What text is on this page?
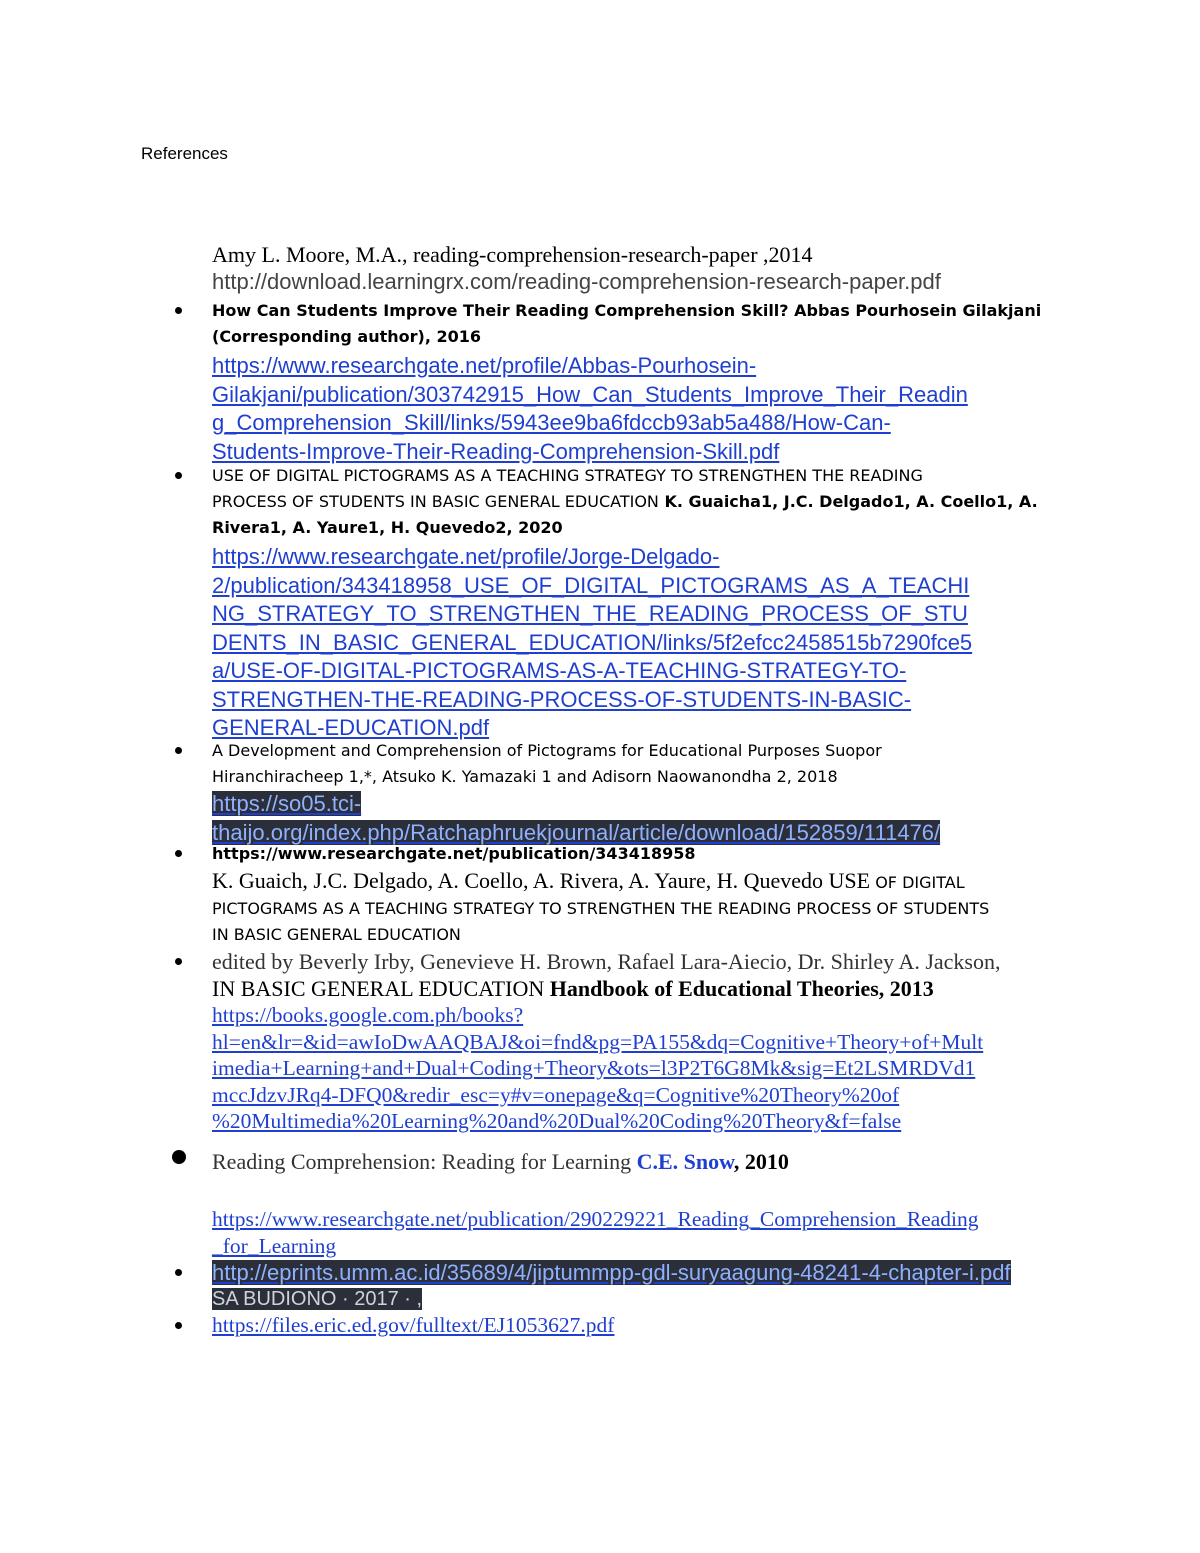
References
Amy L. Moore, M.A., reading-comprehension-research-paper ,2014
http://download.learningrx.com/reading-comprehension-research-paper.pdf
How Can Students Improve Their Reading Comprehension Skill? Abbas Pourhosein Gilakjani
(Corresponding author), 2016
https://www.researchgate.net/profile/Abbas-Pourhosein-
Gilakjani/publication/303742915_How_Can_Students_Improve_Their_Readin
g_Comprehension_Skill/links/5943ee9ba6fdccb93ab5a488/How-Can-
Students-Improve-Their-Reading-Comprehension-Skill.pdf
USE OF DIGITAL PICTOGRAMS AS A TEACHING STRATEGY TO STRENGTHEN THE READING
PROCESS OF STUDENTS IN BASIC GENERAL EDUCATION K. Guaicha1, J.C. Delgado1, A. Coello1, A.
Rivera1, A. Yaure1, H. Quevedo2, 2020
https://www.researchgate.net/profile/Jorge-Delgado-
2/publication/343418958_USE_OF_DIGITAL_PICTOGRAMS_AS_A_TEACHI
NG_STRATEGY_TO_STRENGTHEN_THE_READING_PROCESS_OF_STU
DENTS_IN_BASIC_GENERAL_EDUCATION/links/5f2efcc2458515b7290fce5
a/USE-OF-DIGITAL-PICTOGRAMS-AS-A-TEACHING-STRATEGY-TO-
STRENGTHEN-THE-READING-PROCESS-OF-STUDENTS-IN-BASIC-
GENERAL-EDUCATION.pdf
A Development and Comprehension of Pictograms for Educational Purposes Suopor
Hiranchiracheep 1,*, Atsuko K. Yamazaki 1 and Adisorn Naowanondha 2, 2018
https://so05.tci-
thaijo.org/index.php/Ratchaphruekjournal/article/download/152859/111476/
https://www.researchgate.net/publication/343418958
K. Guaich, J.C. Delgado, A. Coello, A. Rivera, A. Yaure, H. Quevedo USE OF DIGITAL
PICTOGRAMS AS A TEACHING STRATEGY TO STRENGTHEN THE READING PROCESS OF STUDENTS
IN BASIC GENERAL EDUCATION
edited by Beverly Irby, Genevieve H. Brown, Rafael Lara-Aiecio, Dr. Shirley A. Jackson,
IN BASIC GENERAL EDUCATION Handbook of Educational Theories, 2013
https://books.google.com.ph/books?
hl=en&lr=&id=awIoDwAAQBAJ&oi=fnd&pg=PA155&dq=Cognitive+Theory+of+Mult
imedia+Learning+and+Dual+Coding+Theory&ots=l3P2T6G8Mk&sig=Et2LSMRDVd1
mccJdzvJRq4-DFQ0&redir_esc=y#v=onepage&q=Cognitive%20Theory%20of
%20Multimedia%20Learning%20and%20Dual%20Coding%20Theory&f=false
Reading Comprehension: Reading for Learning C.E. Snow, 2010
https://www.researchgate.net/publication/290229221_Reading_Comprehension_Reading
_for_Learning
http://eprints.umm.ac.id/35689/4/jiptummpp-gdl-suryaagung-48241-4-chapter-i.pdf
SA BUDIONO · 2017 · ,
https://files.eric.ed.gov/fulltext/EJ1053627.pdf
